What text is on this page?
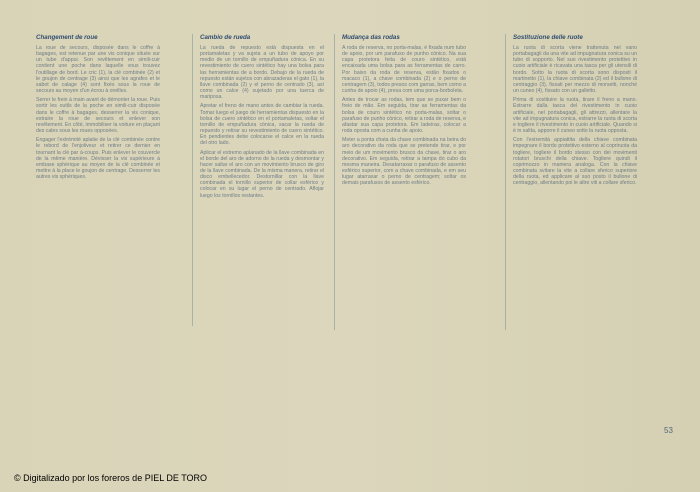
Changement de roue

La roue de secours, disposée dans le coffre à bagages, est retenue par une vis conique située sur un tube d'appui. Son revêtement en simili-cuir contient une poche dans laquelle vous trouvez l'outillage de bord. Le cric (1), la clé combinée (2) et le goujon de centrage (3) ainsi que les agrafes et le sabot de calage (4) sont fixés sous la roue de secours au moyen d'un écrou à oreilles.

Serrer le frein à main avant de démonter la roue. Puis sortir les outils de la poche en simili-cuir disposée dans le coffre à bagages, desserrer la vis conique, extraire la roue de secours et enlever son revêtement. En côté, immobiliser la voiture en plaçant des cales sous les roues opposées.

Engager l'extrémité aplatie de la clé combinée contre le rebord de l'enjoliveur et retirer ce dernier en tournant la clé par à-coups. Puis enlever le couvercle de la même manière. Dévisser la vis supérieure à embase sphérique au moyen de la clé combinée et mettre à la place le goujon de centrage. Desserrer les autres vis sphériques.

Cambio de rueda

La rueda de repuesto está dispuesta en el portamaletas y va sujeta a un tubo de apoyo por medio de un tornillo de empuñadura cónica. En su revestimiento de cuero sintético hay una bolsa para las herramientas de a bordo. Debajo de la rueda de repuesto están sujetos con abrazaderas el gato (1), la llave combinada (2) y el perno de centrado (3), así como un calce (4) sujetado por una tuerca de mariposa.

Apretar el freno de mano antes de cambiar la rueda. Tomar luego el juego de herramientas dispuesto en la bolsa de cuero sintético en el portamaletas, soltar el tornillo de empuñadura cónica, sacar la rueda de repuesto y retirar su revestimiento de cuero sintético. En pendientes debe colocarse el calce en la rueda del otro lado.

Aplicar el extremo aplanado de la llave combinada en el borde del aro de adorno de la rueda y desmontar y hacer saltar el aro con un movimiento brusco de giro de la llave combinada. De la misma manera, retirar el disco embellecedor. Destornillar con la llave combinada el tornillo superior de collar esférico y colocar en su lugar el perno de centrado. Aflojar luego los tornillos restantes.

Mudança das rodas

A roda de reserva, no porta-malas, é fixada num tubo de apoio, por um parafuso de punho cónico. Na sua capa protetora feita de couro sintético, está encaixada uma bolsa para as ferramentas de carro. Por baixo da roda de reserva, estão fixados o macaco (1), a chave combinada (2) e o perno de centragem (3), todos presos com garras, bem como a cunha de apoio (4), presa com uma porca-borboleta.

Antes de trocar as rodas, tem que se puxar bem o freio de mão. Em seguida, tirar as ferramentas da bolsa de couro sintético no porta-malas, soltar o parafuso de punho cónico, retirar a roda de reserva, e afastar sua capa protetora. Em ladeiras, colocar a roda oposta com a cunha de apoio.

Meter a ponta chata da chave combinada na beira do aro decorativo da roda que se pretende tirar, e por meio de um movimento brusco da chave, tirar o aro decorativo. Em seguida, retirar a tampa do cubo da mesma maneira. Desatarraxar o parafuso de assento esférico superior, com a chave combinada, e em seu lugar atarraxar o perno de centragem; soltar os demais parafusos de assento esférico.

Sostituzione delle ruote

La ruota di scorta viene trattenuta nel vano portabagagli da una vite ad impugnatura conica su un tubo di sopporto. Nel suo rivestimento protettivo in cuoio artificiale è ricavata una tasca per gli utensili di bordo. Sotto la ruota di scorta sono disposti il martinetto (1), la chiave combinata (2) ed il bullone di centraggio (3), fissati per mezzo di morsetti, nonché un cuneo (4), fissato con un galletto.

Prima di sostituire la ruota, tirare il freno a mano. Estrarre dalla tasca del rivestimento in cuoio artificiale, nel portabagagli, gli attrezzi, allentare la vite ad impugnatura conica, estrarre la ruota di scorta e togliere il rivestimento in cuoio artificiale. Quando si è in salita, apporre il cuneo sotto la ruota opposta.

Con l'estremità appiattita della chiave combinata impegnare il bordo protettivo esterno al copriruota da togliere, togliere il bordo stesso con dei movimenti rotatori bruschi della chiave. Togliere quindi il coprimozzo in maniera analoga. Con la chiave combinata svitare la vite a collare sferico superiore della ruota, ed applicare al suo posto il bullone di centraggio, allentando poi le altre viti a collare sferico.

53
© Digitalizado por los foreros de PIEL DE TORO
